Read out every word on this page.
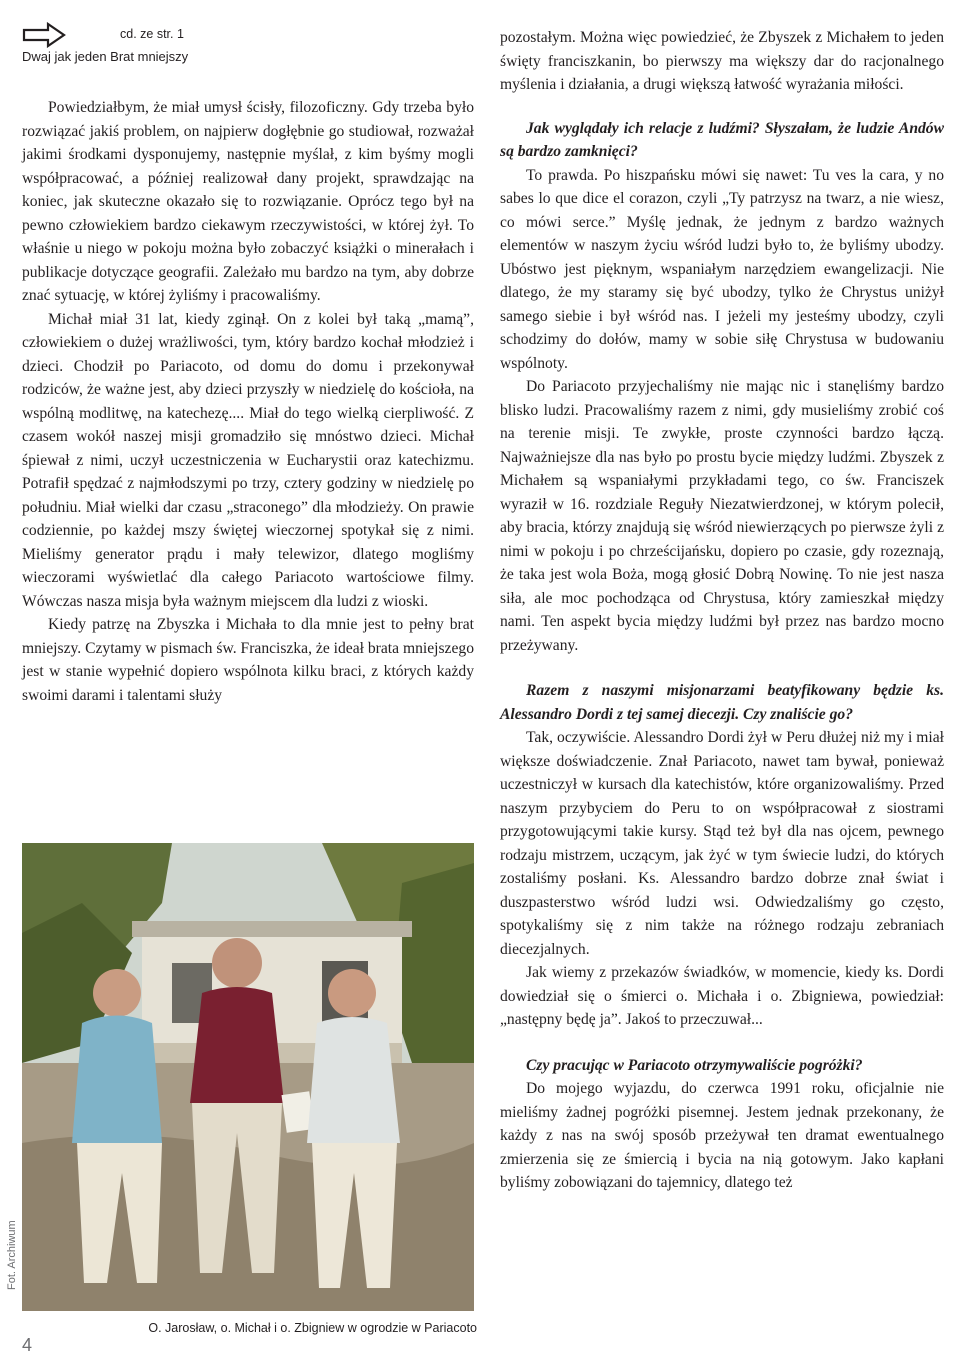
cd. ze str. 1
Dwaj jak jeden Brat mniejszy

Powiedziałbym, że miał umysł ścisły, filozoficzny. Gdy trzeba było rozwiązać jakiś problem, on najpierw dogłębnie go studiował, rozważał jakimi środkami dysponujemy, następnie myślał, z kim byśmy mogli współpracować, a później realizował dany projekt, sprawdzając na koniec, jak skuteczne okazało się to rozwiązanie. Oprócz tego był na pewno człowiekiem bardzo ciekawym rzeczywistości, w której żył. To właśnie u niego w pokoju można było zobaczyć książki o minerałach i publikacje dotyczące geografii. Zależało mu bardzo na tym, aby dobrze znać sytuację, w której żyliśmy i pracowaliśmy.

Michał miał 31 lat, kiedy zginął. On z kolei był taką „mamą”, człowiekiem o dużej wrażliwości, tym, który bardzo kochał młodzież i dzieci. Chodził po Pariacoto, od domu do domu i przekonywał rodziców, że ważne jest, aby dzieci przyszły w niedzielę do kościoła, na wspólną modlitwę, na katechezę.... Miał do tego wielką cierpliwość. Z czasem wokół naszej misji gromadziło się mnóstwo dzieci. Michał śpiewał z nimi, uczył uczestniczenia w Eucharystii oraz katechizmu. Potrafił spędzać z najmłodszymi po trzy, cztery godziny w niedzielę po południu. Miał wielki dar czasu „straconego” dla młodzieży. On prawie codziennie, po każdej mszy świętej wieczornej spotykał się z nimi. Mieliśmy generator prądu i mały telewizor, dlatego mogliśmy wieczorami wyświetlać dla całego Pariacoto wartościowe filmy. Wówczas nasza misja była ważnym miejscem dla ludzi z wioski.

Kiedy patrzę na Zbyszka i Michała to dla mnie jest to pełny brat mniejszy. Czytamy w pismach św. Franciszka, że ideał brata mniejszego jest w stanie wypełnić dopiero wspólnota kilku braci, z których każdy swoimi darami i talentami służy

O. Jarosław, o. Michał i o. Zbigniew w ogrodzie w Pariacoto
Fot. Archiwum
4

pozostałym. Można więc powiedzieć, że Zbyszek z Michałem to jeden święty franciszkanin, bo pierwszy ma większy dar do racjonalnego myślenia i działania, a drugi większą łatwość wyrażania miłości.

Jak wyglądały ich relacje z ludźmi? Słyszałam, że ludzie Andów są bardzo zamknięci?

To prawda. Po hiszpańsku mówi się nawet: Tu ves la cara, y no sabes lo que dice el corazon, czyli „Ty patrzysz na twarz, a nie wiesz, co mówi serce.” Myślę jednak, że jednym z bardzo ważnych elementów w naszym życiu wśród ludzi było to, że byliśmy ubodzy. Ubóstwo jest pięknym, wspaniałym narzędziem ewangelizacji. Nie dlatego, że my staramy się być ubodzy, tylko że Chrystus uniżył samego siebie i był wśród nas. I jeżeli my jesteśmy ubodzy, czyli schodzimy do dołów, mamy w sobie siłę Chrystusa w budowaniu wspólnoty.

Do Pariacoto przyjechaliśmy nie mając nic i stanęliśmy bardzo blisko ludzi. Pracowaliśmy razem z nimi, gdy musieliśmy zrobić coś na terenie misji. Te zwykłe, proste czynności bardzo łączą. Najważniejsze dla nas było po prostu bycie między ludźmi. Zbyszek z Michałem są wspaniałymi przykładami tego, co św. Franciszek wyraził w 16. rozdziale Reguły Niezatwierdzonej, w którym polecił, aby bracia, którzy znajdują się wśród niewierzących po pierwsze żyli z nimi w pokoju i po chrześcijańsku, dopiero po czasie, gdy rozeznają, że taka jest wola Boża, mogą głosić Dobrą Nowinę. To nie jest nasza siła, ale moc pochodząca od Chrystusa, który zamieszkał między nami. Ten aspekt bycia między ludźmi był przez nas bardzo mocno przeżywany.

Razem z naszymi misjonarzami beatyfikowany będzie ks. Alessandro Dordi z tej samej diecezji. Czy znaliście go?

Tak, oczywiście. Alessandro Dordi żył w Peru dłużej niż my i miał większe doświadczenie. Znał Pariacoto, nawet tam bywał, ponieważ uczestniczył w kursach dla katechistów, które organizowaliśmy. Przed naszym przybyciem do Peru to on współpracował z siostrami przygotowującymi takie kursy. Stąd też był dla nas ojcem, pewnego rodzaju mistrzem, uczącym, jak żyć w tym świecie ludzi, do których zostaliśmy posłani. Ks. Alessandro bardzo dobrze znał świat i duszpasterstwo wśród ludzi wsi. Odwiedzaliśmy go często, spotykaliśmy się z nim także na różnego rodzaju zebraniach diecezjalnych.

Jak wiemy z przekazów świadków, w momencie, kiedy ks. Dordi dowiedział się o śmierci o. Michała i o. Zbigniewa, powiedział: „następny będę ja”. Jakoś to przeczuwał...

Czy pracując w Pariacoto otrzymywaliście pogróżki?

Do mojego wyjazdu, do czerwca 1991 roku, oficjalnie nie mieliśmy żadnej pogróżki pisemnej. Jestem jednak przekonany, że każdy z nas na swój sposób przeżywał ten dramat ewentualnego zmierzenia się ze śmiercią i bycia na nią gotowym. Jako kapłani byliśmy zobowiązani do tajemnicy, dlatego też
